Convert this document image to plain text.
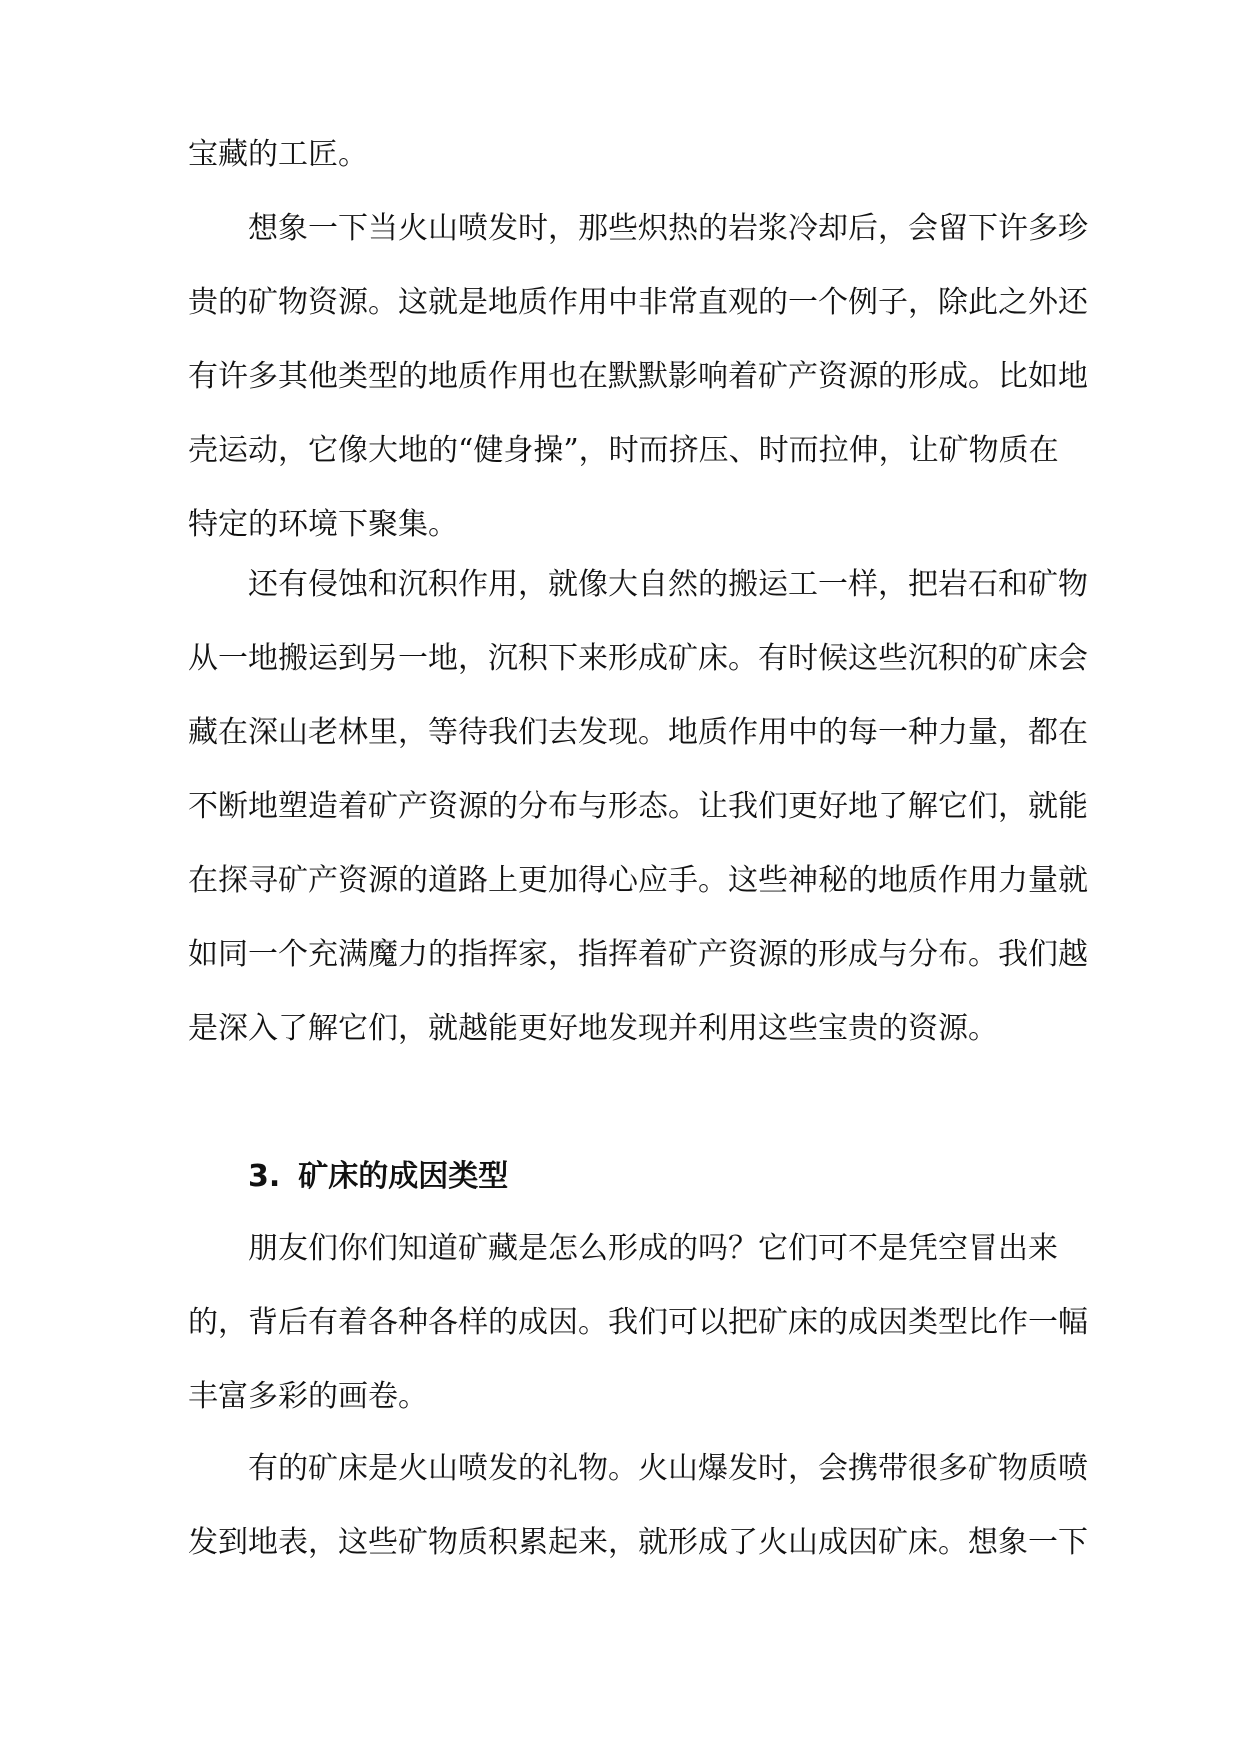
宝藏的工匠。
想象一下当火山喷发时，那些炽热的岩浆冷却后，会留下许多珍
贵的矿物资源。这就是地质作用中非常直观的一个例子，除此之外还
有许多其他类型的地质作用也在默默影响着矿产资源的形成。比如地
壳运动，它像大地的“健身操”，时而挤压、时而拉伸，让矿物质在
特定的环境下聚集。
还有侵蚀和沉积作用，就像大自然的搬运工一样，把岩石和矿物
从一地搬运到另一地，沉积下来形成矿床。有时候这些沉积的矿床会
藏在深山老林里，等待我们去发现。地质作用中的每一种力量，都在
不断地塑造着矿产资源的分布与形态。让我们更好地了解它们，就能
在探寻矿产资源的道路上更加得心应手。这些神秘的地质作用力量就
如同一个充满魔力的指挥家，指挥着矿产资源的形成与分布。我们越
是深入了解它们，就越能更好地发现并利用这些宝贵的资源。
3. 矿床的成因类型
朋友们你们知道矿藏是怎么形成的吗？它们可不是凭空冒出来
的，背后有着各种各样的成因。我们可以把矿床的成因类型比作一幅
丰富多彩的画卷。
有的矿床是火山喷发的礼物。火山爆发时，会携带很多矿物质喷
发到地表，这些矿物质积累起来，就形成了火山成因矿床。想象一下
